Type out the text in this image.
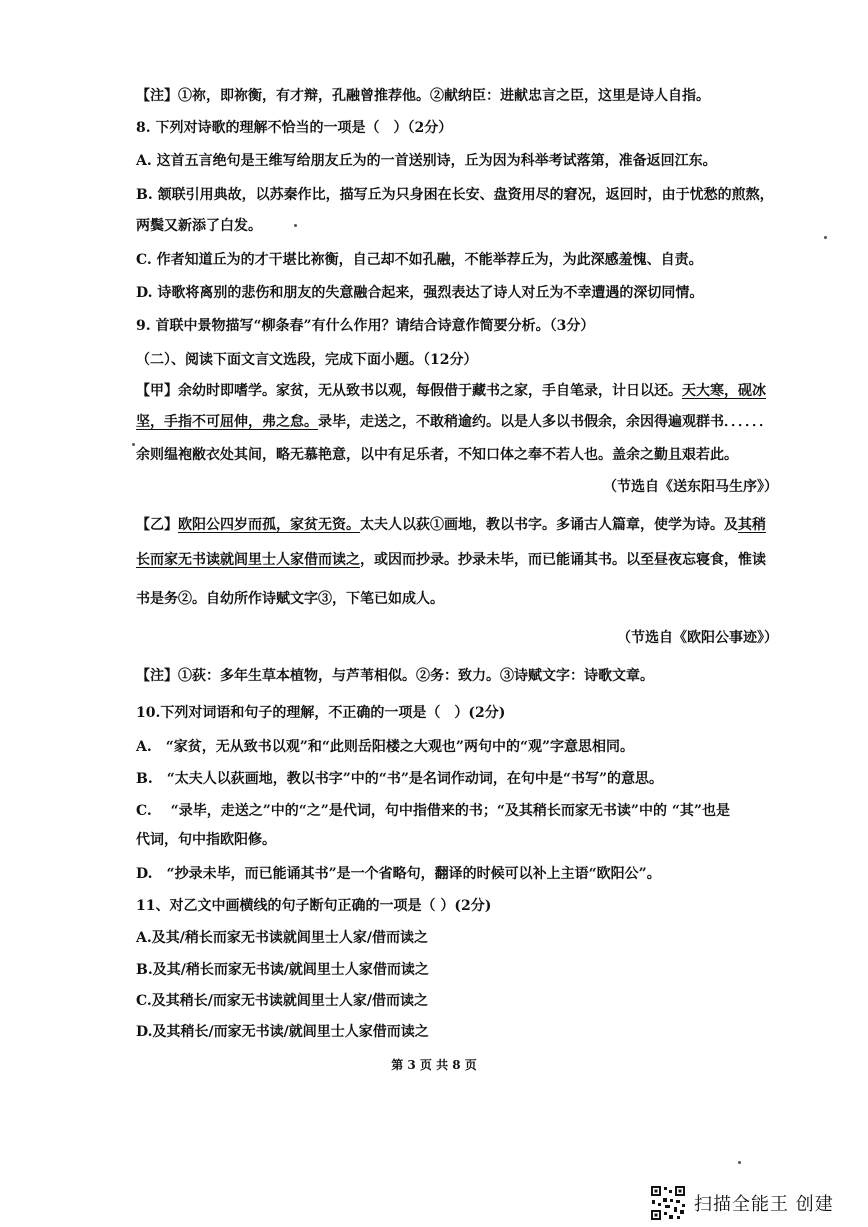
【注】①祢，即祢衡，有才辩，孔融曾推荐他。②献纳臣：进献忠言之臣，这里是诗人自指。
8. 下列对诗歌的理解不恰当的一项是（　）（2分）
A. 这首五言绝句是王维写给朋友丘为的一首送别诗，丘为因为科举考试落第，准备返回江东。
B. 颔联引用典故，以苏秦作比，描写丘为只身困在长安、盘资用尽的窘况，返回时，由于忧愁的煎熬，
两鬓又新添了白发。
C. 作者知道丘为的才干堪比祢衡，自己却不如孔融，不能举荐丘为，为此深感羞愧、自责。
D. 诗歌将离别的悲伤和朋友的失意融合起来，强烈表达了诗人对丘为不幸遭遇的深切同情。
9. 首联中景物描写“柳条春”有什么作用？请结合诗意作简要分析。（3分）
（二）、阅读下面文言文选段，完成下面小题。（12分）
【甲】余幼时即嗜学。家贫，无从致书以观，每假借于藏书之家，手自笔录，计日以还。天大寒，砚冰
坚，手指不可屈伸，弗之怠。录毕，走送之，不敢稍逾约。以是人多以书假余，余因得遍观群书．．．．．．
余则缊袍敝衣处其间，略无慕艳意，以中有足乐者，不知口体之奉不若人也。盖余之勤且艰若此。
（节选自《送东阳马生序》）
【乙】欧阳公四岁而孤，家贫无资。太夫人以荻①画地，教以书字。多诵古人篇章，使学为诗。及其稍
长而家无书读就闾里士人家借而读之，或因而抄录。抄录未毕，而已能诵其书。以至昼夜忘寝食，惟读
书是务②。自幼所作诗赋文字③，下笔已如成人。
（节选自《欧阳公事迹》）
【注】①荻：多年生草本植物，与芦苇相似。②务：致力。③诗赋文字：诗歌文章。
10.下列对词语和句子的理解，不正确的一项是（　）(2分)
A.　“家贫，无从致书以观”和“此则岳阳楼之大观也”两句中的“观”字意思相同。
B.　“太夫人以荻画地，教以书字”中的“书”是名词作动词，在句中是“书写”的意思。
C.　 “录毕，走送之”中的“之”是代词，句中指借来的书；“及其稍长而家无书读”中的 “其”也是
代词，句中指欧阳修。
D.　“抄录未毕，而已能诵其书”是一个省略句，翻译的时候可以补上主语“欧阳公”。
11、对乙文中画横线的句子断句正确的一项是（ ）(2分)
A.及其/稍长而家无书读就闾里士人家/借而读之
B.及其/稍长而家无书读/就闾里士人家借而读之
C.及其稍长/而家无书读就闾里士人家/借而读之
D.及其稍长/而家无书读/就闾里士人家借而读之
第 3 页 共 8 页
扫描全能王 创建
